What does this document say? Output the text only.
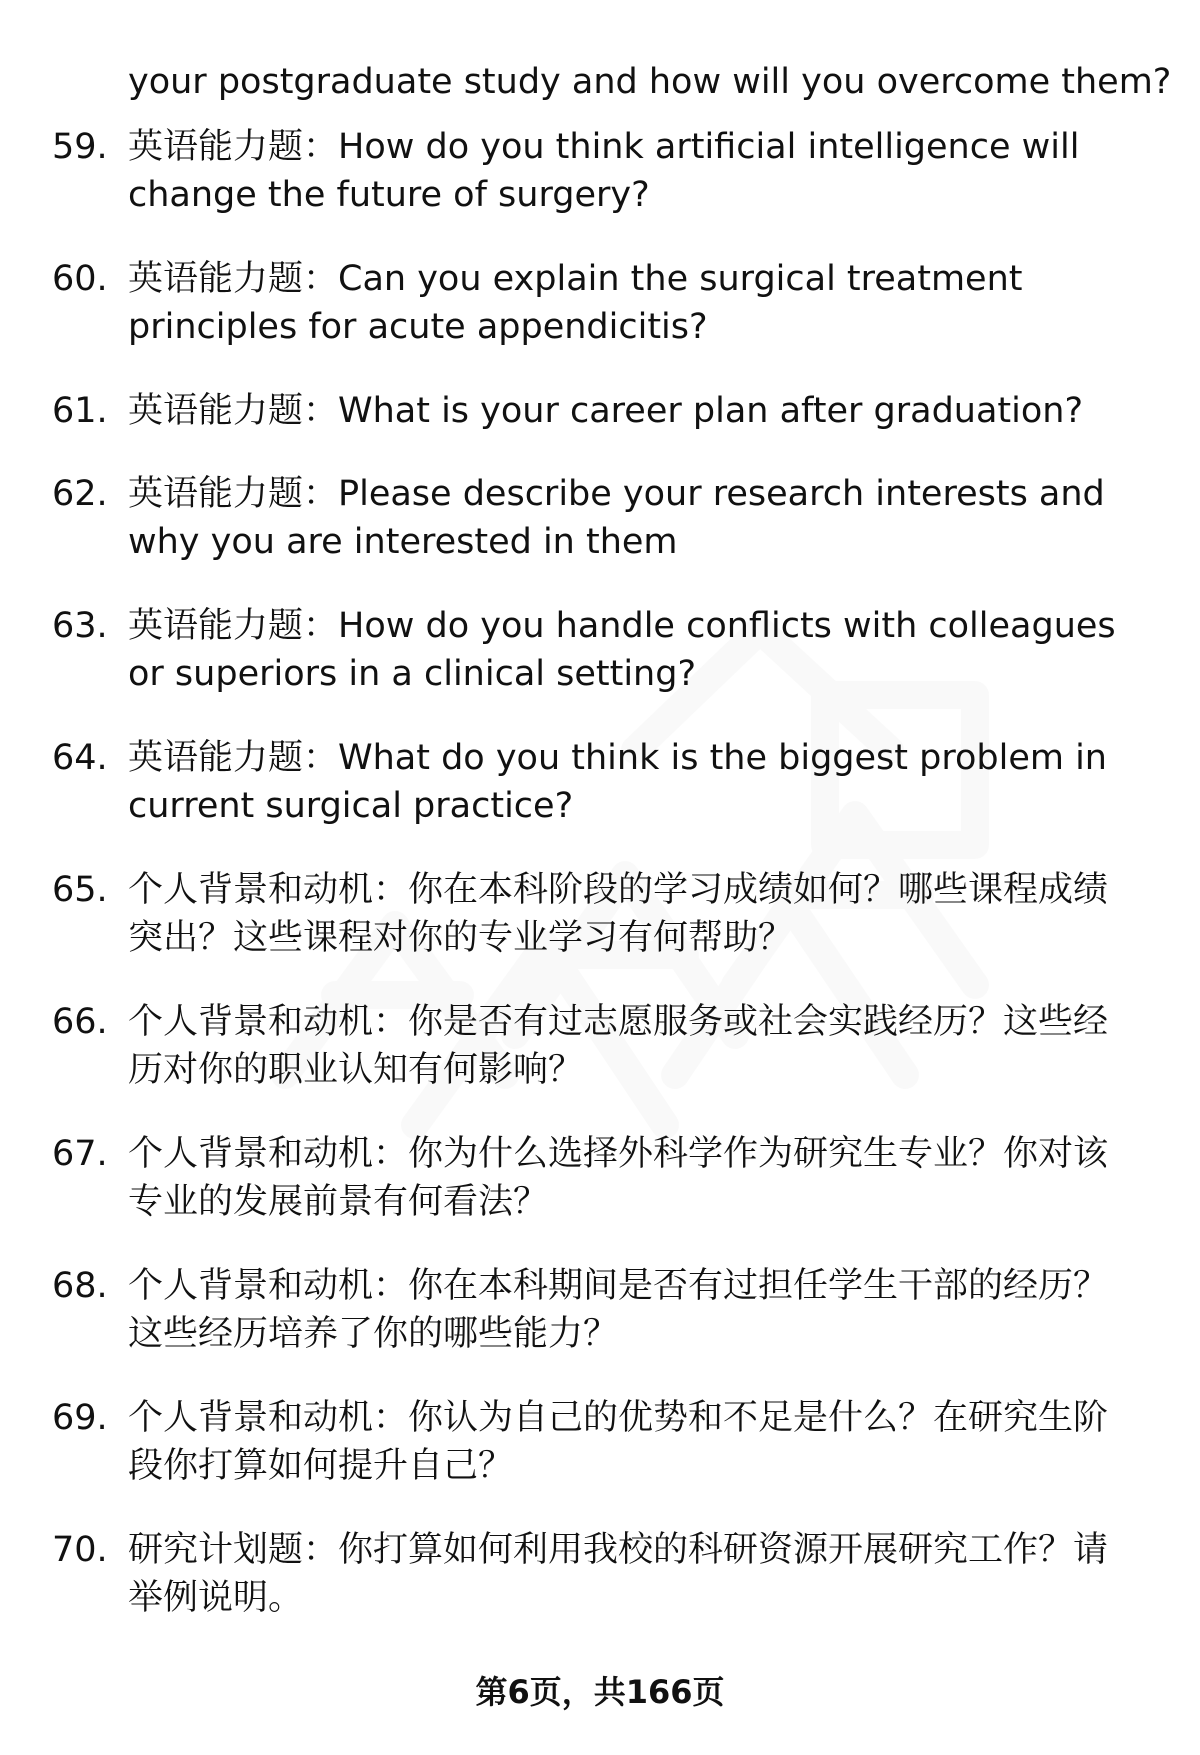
your postgraduate study and how will you overcome them?
59. 英语能力题：How do you think artificial intelligence will
change the future of surgery?
60. 英语能力题：Can you explain the surgical treatment
principles for acute appendicitis?
61. 英语能力题：What is your career plan after graduation?
62. 英语能力题：Please describe your research interests and
why you are interested in them
63. 英语能力题：How do you handle conflicts with colleagues
or superiors in a clinical setting?
64. 英语能力题：What do you think is the biggest problem in
current surgical practice?
65. 个人背景和动机：你在本科阶段的学习成绩如何？哪些课程成绩
突出？这些课程对你的专业学习有何帮助？
66. 个人背景和动机：你是否有过志愿服务或社会实践经历？这些经
历对你的职业认知有何影响？
67. 个人背景和动机：你为什么选择外科学作为研究生专业？你对该
专业的发展前景有何看法？
68. 个人背景和动机：你在本科期间是否有过担任学生干部的经历？
这些经历培养了你的哪些能力？
69. 个人背景和动机：你认为自己的优势和不足是什么？在研究生阶
段你打算如何提升自己？
70. 研究计划题：你打算如何利用我校的科研资源开展研究工作？请
举例说明。
第6页，共166页
